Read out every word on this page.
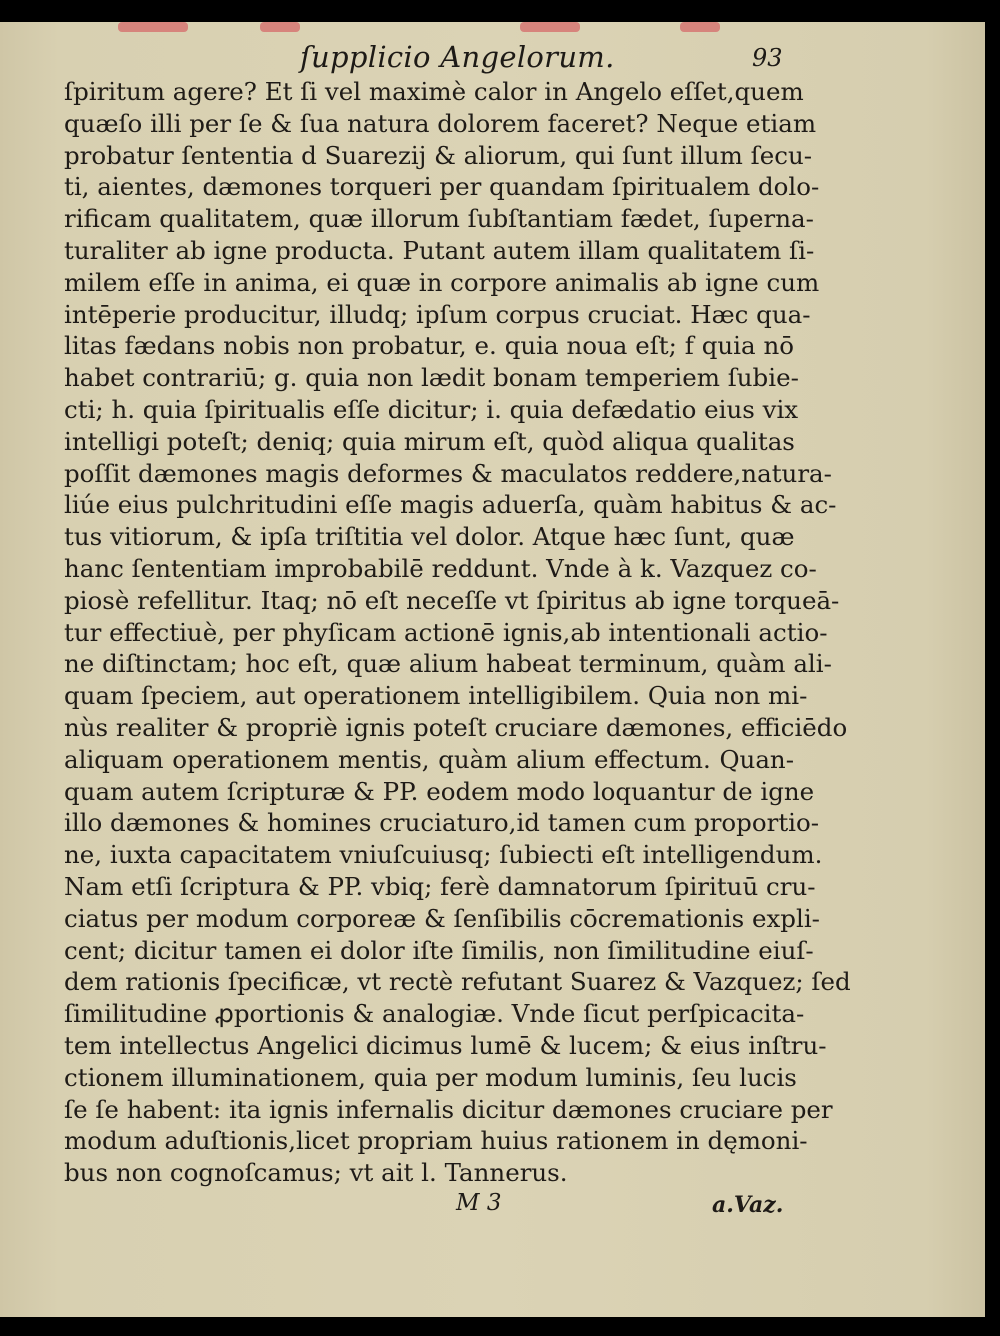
ſupplicio Angelorum.	93
ſpiritum agere? Et ſi vel maximè calor in Angelo eſſet,quem
quæſo illi per ſe & ſua natura dolorem faceret? Neque etiam
probatur ſententia d Suarezij & aliorum, qui ſunt illum ſecu-
ti, aientes, dæmones torqueri per quandam ſpiritualem dolo-
rificam qualitatem, quæ illorum ſubſtantiam fædet, ſuperna-
turaliter ab igne producta. Putant autem illam qualitatem ſi-
milem eſſe in anima, ei quæ in corpore animalis ab igne cum
intēperie producitur, illudq; ipſum corpus cruciat. Hæc qua-
litas fædans nobis non probatur, e. quia noua eſt; f quia nō
habet contrariū; g. quia non lædit bonam temperiem ſubie-
cti; h. quia ſpiritualis eſſe dicitur; i. quia defædatio eius vix
intelligi poteſt; deniq; quia mirum eſt, quòd aliqua qualitas
poſſit dæmones magis deformes & maculatos reddere,natura-
liúe eius pulchritudini eſſe magis aduerſa, quàm habitus & ac-
tus vitiorum, & ipſa triſtitia vel dolor. Atque hæc ſunt, quæ
hanc ſententiam improbabilē reddunt. Vnde à k. Vazquez co-
piosè refellitur. Itaq; nō eſt neceſſe vt ſpiritus ab igne torqueā-
tur effectiuè, per phyſicam actionē ignis,ab intentionali actio-
ne diſtinctam; hoc eſt, quæ alium habeat terminum, quàm ali-
quam ſpeciem, aut operationem intelligibilem. Quia non mi-
nùs realiter & propriè ignis poteſt cruciare dæmones, efficiēdo
aliquam operationem mentis, quàm alium effectum. Quan-
quam autem ſcripturæ & PP. eodem modo loquantur de igne
illo dæmones & homines cruciaturo,id tamen cum proportio-
ne, iuxta capacitatem vniuſcuiusq; ſubiecti eſt intelligendum.
Nam etſi ſcriptura & PP. vbiq; ferè damnatorum ſpirituū cru-
ciatus per modum corporeæ & ſenſibilis cōcremationis expli-
cent; dicitur tamen ei dolor iſte ſimilis, non ſimilitudine eiuſ-
dem rationis ſpecificæ, vt rectè refutant Suarez & Vazquez; ſed
ſimilitudine ꝓportionis & analogiæ. Vnde ſicut perſpicacita-
tem intellectus Angelici dicimus lumē & lucem; & eius inſtru-
ctionem illuminationem, quia per modum luminis, ſeu lucis
ſe ſe habent: ita ignis infernalis dicitur dæmones cruciare per
modum aduſtionis,licet propriam huius rationem in dęmoni-
bus non cognoſcamus; vt ait l. Tannerus.
M 3	a.Vaz.
